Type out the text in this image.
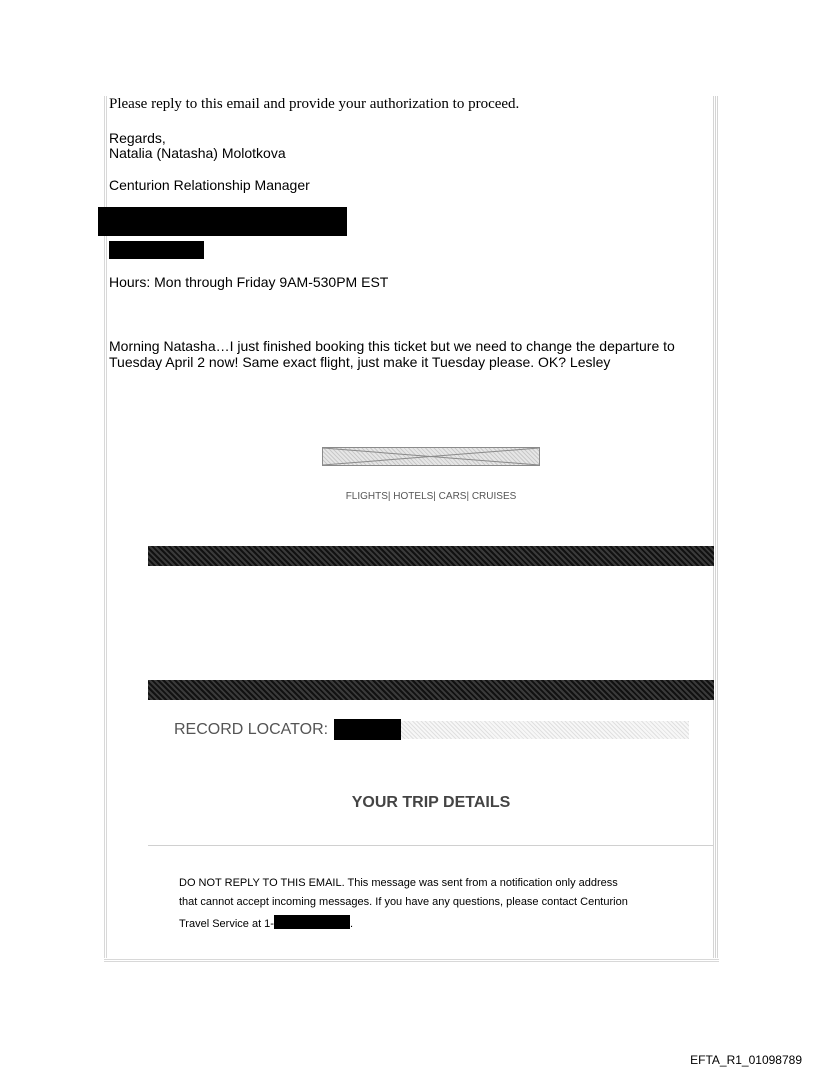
Please reply to this email and provide your authorization to proceed.
Regards,
Natalia (Natasha) Molotkova
Centurion Relationship Manager
Hours: Mon through Friday 9AM-530PM EST
Morning Natasha…I just finished booking this ticket but we need to change the departure to
Tuesday April 2 now! Same exact flight, just make it Tuesday please. OK? Lesley
FLIGHTS| HOTELS| CARS| CRUISES
RECORD LOCATOR:
YOUR TRIP DETAILS
DO NOT REPLY TO THIS EMAIL. This message was sent from a notification only address
that cannot accept incoming messages. If you have any questions, please contact Centurion
Travel Service at 1-	.
EFTA_R1_01098789
